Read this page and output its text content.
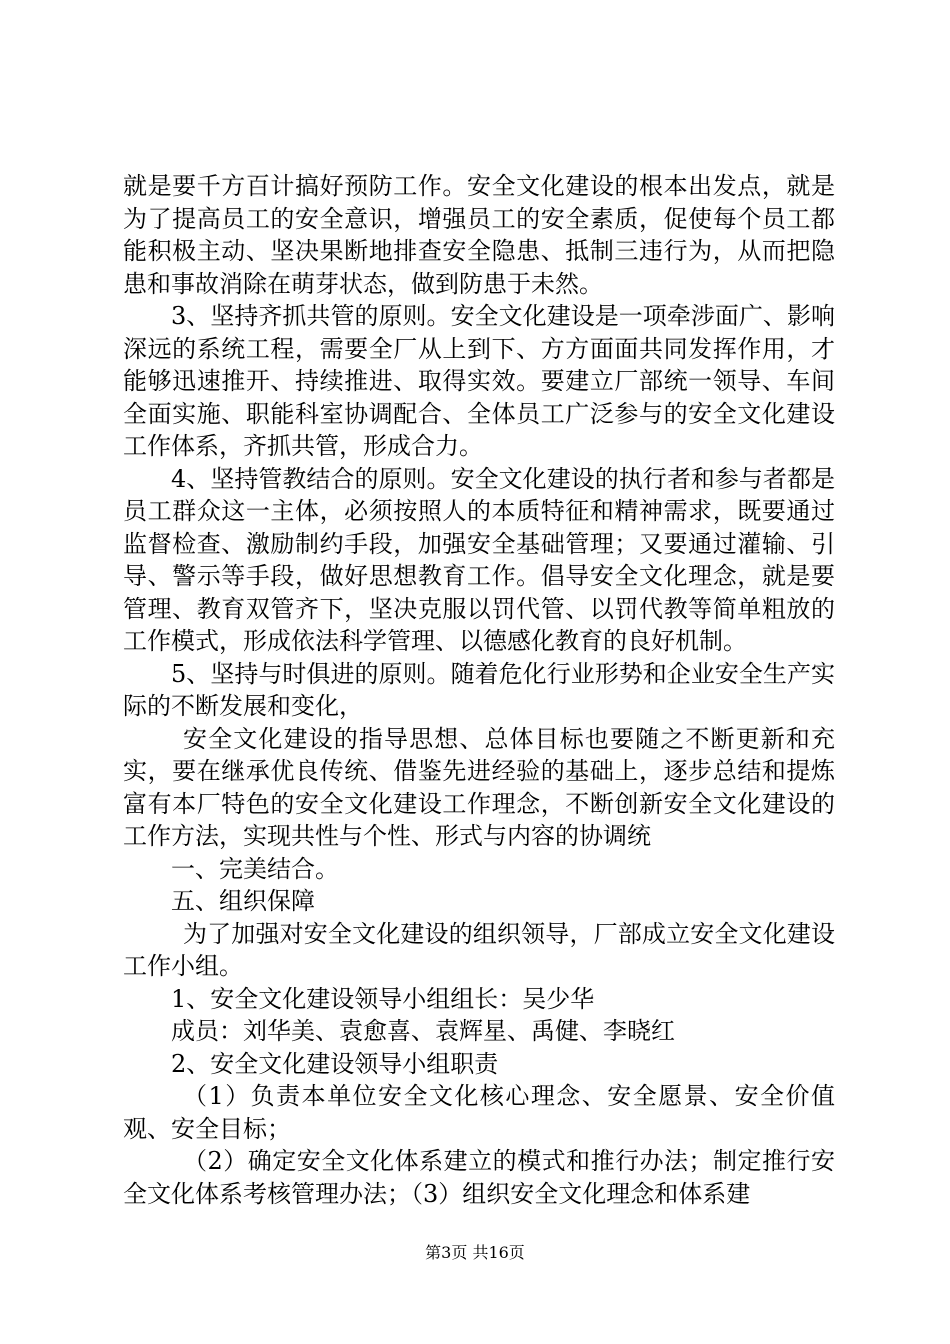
就是要千方百计搞好预防工作。安全文化建设的根本出发点，就是为了提高员工的安全意识，增强员工的安全素质，促使每个员工都能积极主动、坚决果断地排查安全隐患、抵制三违行为，从而把隐患和事故消除在萌芽状态，做到防患于未然。

3、坚持齐抓共管的原则。安全文化建设是一项牵涉面广、影响深远的系统工程，需要全厂从上到下、方方面面共同发挥作用，才能够迅速推开、持续推进、取得实效。要建立厂部统一领导、车间全面实施、职能科室协调配合、全体员工广泛参与的安全文化建设工作体系，齐抓共管，形成合力。

4、坚持管教结合的原则。安全文化建设的执行者和参与者都是员工群众这一主体，必须按照人的本质特征和精神需求，既要通过监督检查、激励制约手段，加强安全基础管理；又要通过灌输、引导、警示等手段，做好思想教育工作。倡导安全文化理念，就是要管理、教育双管齐下，坚决克服以罚代管、以罚代教等简单粗放的工作模式，形成依法科学管理、以德感化教育的良好机制。

5、坚持与时俱进的原则。随着危化行业形势和企业安全生产实际的不断发展和变化，

安全文化建设的指导思想、总体目标也要随之不断更新和充实，要在继承优良传统、借鉴先进经验的基础上，逐步总结和提炼富有本厂特色的安全文化建设工作理念，不断创新安全文化建设的工作方法，实现共性与个性、形式与内容的协调统

一、完美结合。

五、组织保障

为了加强对安全文化建设的组织领导，厂部成立安全文化建设工作小组。

1、安全文化建设领导小组组长：吴少华

成员：刘华美、袁愈喜、袁辉星、禹健、李晓红

2、安全文化建设领导小组职责

（1）负责本单位安全文化核心理念、安全愿景、安全价值观、安全目标；

（2）确定安全文化体系建立的模式和推行办法；制定推行安全文化体系考核管理办法；（3）组织安全文化理念和体系建

第3页 共16页
